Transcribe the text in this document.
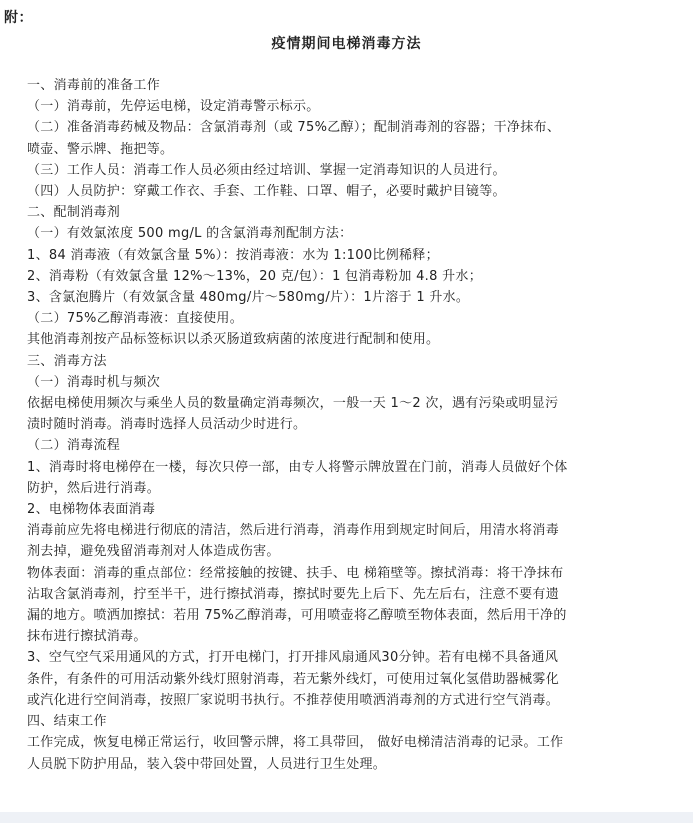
附：
疫情期间电梯消毒方法

一、消毒前的准备工作

（一）消毒前，先停运电梯，设定消毒警示标示。

（二）准备消毒药械及物品：含氯消毒剂（或 75%乙醇）；配制消毒剂的容器；干净抹布、

喷壶、警示牌、拖把等。

（三）工作人员：消毒工作人员必须由经过培训、掌握一定消毒知识的人员进行。

（四）人员防护：穿戴工作衣、手套、工作鞋、口罩、帽子，必要时戴护目镜等。

二、配制消毒剂

（一）有效氯浓度 500 mg/L 的含氯消毒剂配制方法：

1、84 消毒液（有效氯含量 5%）：按消毒液：水为 1:100比例稀释；

2、消毒粉（有效氯含量 12%～13%，20 克/包）：1 包消毒粉加 4.8 升水；

3、含氯泡腾片（有效氯含量 480mg/片～580mg/片）：1片溶于 1 升水。

（二）75%乙醇消毒液：直接使用。

其他消毒剂按产品标签标识以杀灭肠道致病菌的浓度进行配制和使用。

三、消毒方法

（一）消毒时机与频次

依据电梯使用频次与乘坐人员的数量确定消毒频次，一般一天 1～2 次，遇有污染或明显污

渍时随时消毒。消毒时选择人员活动少时进行。

（二）消毒流程

1、消毒时将电梯停在一楼，每次只停一部，由专人将警示牌放置在门前，消毒人员做好个体

防护，然后进行消毒。

2、电梯物体表面消毒

消毒前应先将电梯进行彻底的清洁，然后进行消毒，消毒作用到规定时间后，用清水将消毒

剂去掉，避免残留消毒剂对人体造成伤害。

物体表面：消毒的重点部位：经常接触的按键、扶手、电 梯箱壁等。擦拭消毒：将干净抹布

沾取含氯消毒剂，拧至半干，进行擦拭消毒，擦拭时要先上后下、先左后右，注意不要有遗

漏的地方。喷洒加擦拭：若用 75%乙醇消毒，可用喷壶将乙醇喷至物体表面，然后用干净的

抹布进行擦拭消毒。

3、空气空气采用通风的方式，打开电梯门，打开排风扇通风30分钟。若有电梯不具备通风

条件，有条件的可用活动紫外线灯照射消毒，若无紫外线灯，可使用过氧化氢借助器械雾化

或汽化进行空间消毒，按照厂家说明书执行。不推荐使用喷洒消毒剂的方式进行空气消毒。

四、结束工作

工作完成，恢复电梯正常运行，收回警示牌，将工具带回， 做好电梯清洁消毒的记录。工作

人员脱下防护用品，装入袋中带回处置，人员进行卫生处理。
